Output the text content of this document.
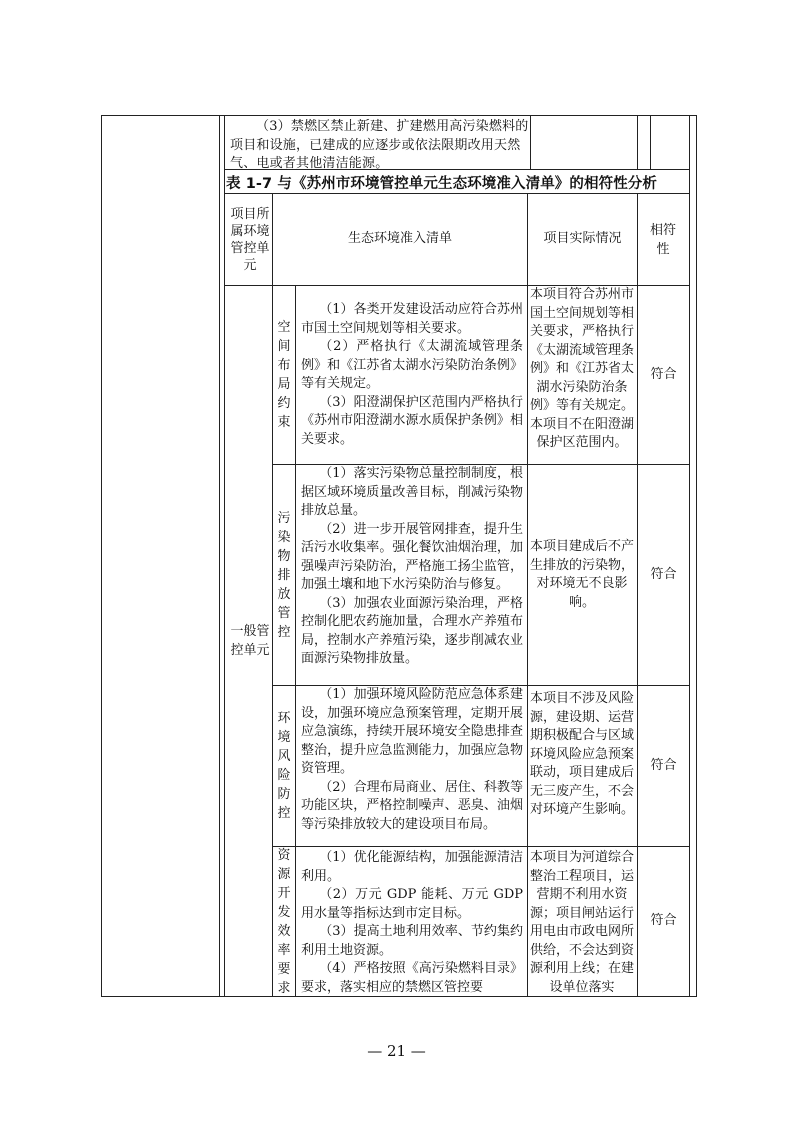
（3）禁燃区禁止新建、扩建燃用高污染燃料的项目和设施，已建成的应逐步或依法限期改用天然气、电或者其他清洁能源。
表 1-7 与《苏州市环境管控单元生态环境准入清单》的相符性分析
项目所属环境管控单元
生态环境准入清单	项目实际情况
相符性
一般管控单元
空
间
布
局
约
束

（1）各类开发建设活动应符合苏州市国土空间规划等相关要求。

（2）严格执行《太湖流域管理条例》和《江苏省太湖水污染防治条例》等有关规定。

（3）阳澄湖保护区范围内严格执行《苏州市阳澄湖水源水质保护条例》相关要求。

本项目符合苏州市国土空间规划等相关要求，严格执行《太湖流域管理条例》和《江苏省太湖水污染防治条例》等有关规定。本项目不在阳澄湖保护区范围内。
符合
污
染
物
排
放
管
控

（1）落实污染物总量控制制度，根据区域环境质量改善目标，削减污染物排放总量。

（2）进一步开展管网排查，提升生活污水收集率。强化餐饮油烟治理，加强噪声污染防治，严格施工扬尘监管，加强土壤和地下水污染防治与修复。

（3）加强农业面源污染治理，严格控制化肥农药施加量，合理水产养殖布局，控制水产养殖污染，逐步削减农业面源污染物排放量。

本项目建成后不产生排放的污染物，对环境无不良影响。
符合
环
境
风
险
防
控

（1）加强环境风险防范应急体系建设，加强环境应急预案管理，定期开展应急演练，持续开展环境安全隐患排查整治，提升应急监测能力，加强应急物资管理。

（2）合理布局商业、居住、科教等功能区块，严格控制噪声、恶臭、油烟等污染排放较大的建设项目布局。

本项目不涉及风险源，建设期、运营期积极配合与区域环境风险应急预案联动，项目建成后无三废产生，不会对环境产生影响。
符合
资
源
开
发
效
率
要
求

（1）优化能源结构，加强能源清洁利用。

（2）万元 GDP 能耗、万元 GDP 用水量等指标达到市定目标。

（3）提高土地利用效率、节约集约利用土地资源。

（4）严格按照《高污染燃料目录》要求，落实相应的禁燃区管控要

本项目为河道综合整治工程项目，运营期不利用水资源；项目闸站运行用电由市政电网所供给，不会达到资源利用上线；在建设单位落实
符合
— 21 —
